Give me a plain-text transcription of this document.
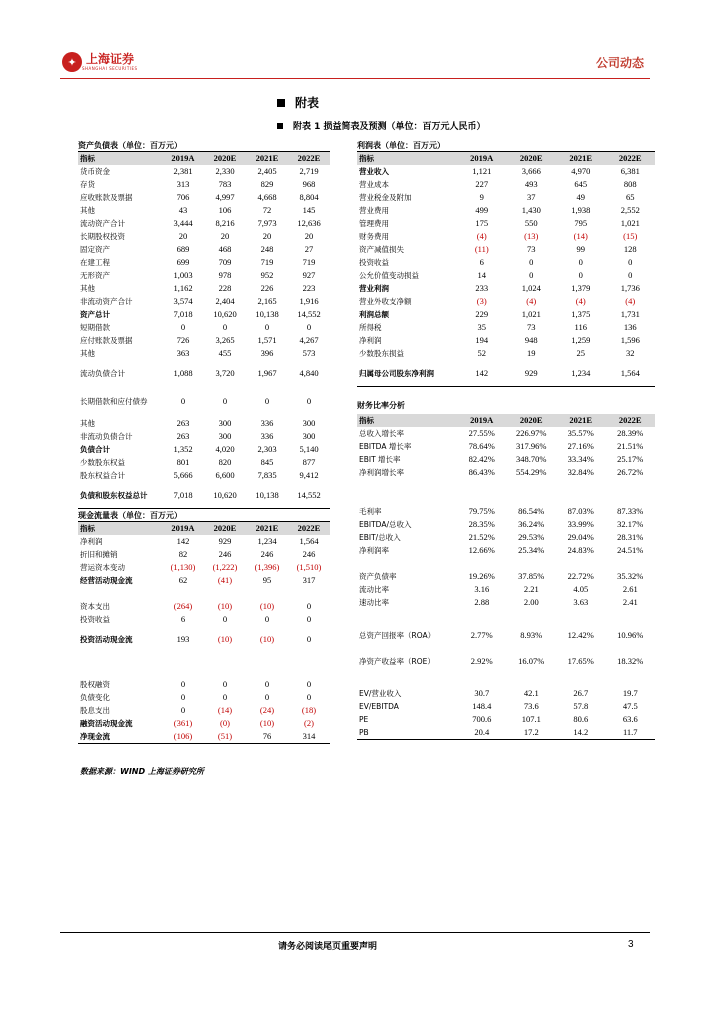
✦ 上海证券
SHANGHAI SECURITIES	公司动态
附表
附表 1 损益简表及预测（单位：百万元人民币）
资产负债表（单位：百万元）
指标	2019A	2020E	2021E	2022E
货币资金	2,381	2,330	2,405	2,719
存货	313	783	829	968
应收账款及票据	706	4,997	4,668	8,804
其他	43	106	72	145
流动资产合计	3,444	8,216	7,973	12,636
长期股权投资	20	20	20	20
固定资产	689	468	248	27
在建工程	699	709	719	719
无形资产	1,003	978	952	927
其他	1,162	228	226	223
非流动资产合计	3,574	2,404	2,165	1,916
资产总计	7,018	10,620	10,138	14,552
短期借款	0	0	0	0
应付账款及票据	726	3,265	1,571	4,267
其他	363	455	396	573
流动负债合计	1,088	3,720	1,967	4,840
长期借款和应付债券	0	0	0	0
其他	263	300	336	300
非流动负债合计	263	300	336	300
负债合计	1,352	4,020	2,303	5,140
少数股东权益	801	820	845	877
股东权益合计	5,666	6,600	7,835	9,412
负债和股东权益总计	7,018	10,620	10,138	14,552
现金流量表（单位：百万元）
指标	2019A	2020E	2021E	2022E
净利润	142	929	1,234	1,564
折旧和摊销	82	246	246	246
营运资本变动	(1,130)	(1,222)	(1,396)	(1,510)
经营活动现金流	62	(41)	95	317

资本支出	(264)	(10)	(10)	0
投资收益	6	0	0	0
投资活动现金流	193	(10)	(10)	0

股权融资	0	0	0	0
负债变化	0	0	0	0
股息支出	0	(14)	(24)	(18)
融资活动现金流	(361)	(0)	(10)	(2)
净现金流	(106)	(51)	76	314
利润表（单位：百万元）
指标	2019A	2020E	2021E	2022E
营业收入	1,121	3,666	4,970	6,381
营业成本	227	493	645	808
营业税金及附加	9	37	49	65
营业费用	499	1,430	1,938	2,552
管理费用	175	550	795	1,021
财务费用	(4)	(13)	(14)	(15)
资产减值损失	(11)	73	99	128
投资收益	6	0	0	0
公允价值变动损益	14	0	0	0
营业利润	233	1,024	1,379	1,736
营业外收支净额	(3)	(4)	(4)	(4)
利润总额	229	1,021	1,375	1,731
所得税	35	73	116	136
净利润	194	948	1,259	1,596
少数股东损益	52	19	25	32
归属母公司股东净利润	142	929	1,234	1,564
财务比率分析
指标	2019A	2020E	2021E	2022E
总收入增长率	27.55%	226.97%	35.57%	28.39%
EBITDA 增长率	78.64%	317.96%	27.16%	21.51%
EBIT 增长率	82.42%	348.70%	33.34%	25.17%
净利润增长率	86.43%	554.29%	32.84%	26.72%

毛利率	79.75%	86.54%	87.03%	87.33%
EBITDA/总收入	28.35%	36.24%	33.99%	32.17%
EBIT/总收入	21.52%	29.53%	29.04%	28.31%
净利润率	12.66%	25.34%	24.83%	24.51%

资产负债率	19.26%	37.85%	22.72%	35.32%
流动比率	3.16	2.21	4.05	2.61
速动比率	2.88	2.00	3.63	2.41

总资产回报率（ROA）	2.77%	8.93%	12.42%	10.96%
净资产收益率（ROE）	2.92%	16.07%	17.65%	18.32%

EV/营业收入	30.7	42.1	26.7	19.7
EV/EBITDA	148.4	73.6	57.8	47.5
PE	700.6	107.1	80.6	63.6
PB	20.4	17.2	14.2	11.7
数据来源：WIND 上海证券研究所
请务必阅读尾页重要声明	3
